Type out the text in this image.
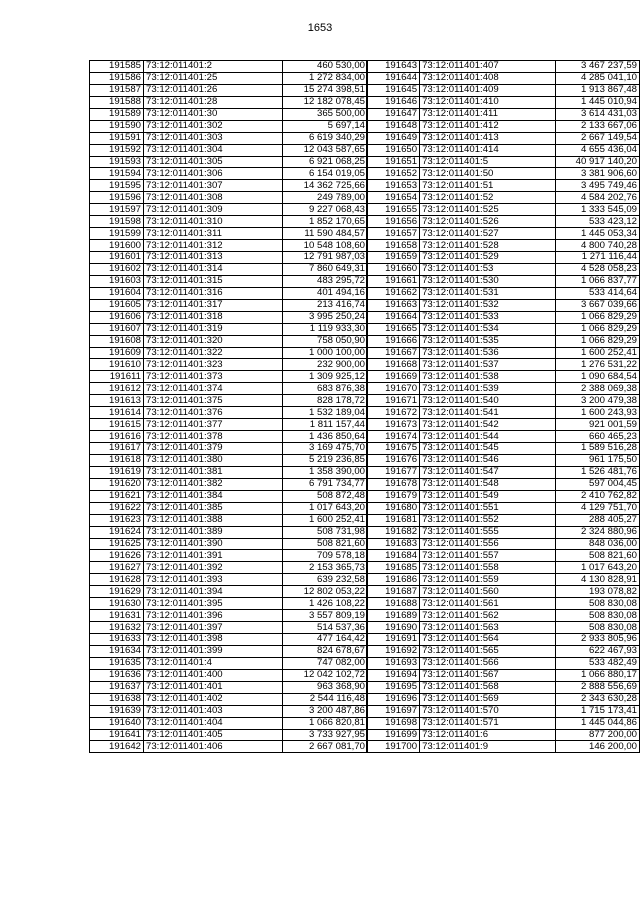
1653
191585	73:12:011401:2	460 530,00
191586	73:12:011401:25	1 272 834,00
191587	73:12:011401:26	15 274 398,51
191588	73:12:011401:28	12 182 078,45
191589	73:12:011401:30	365 500,00
191590	73:12:011401:302	5 697,14
191591	73:12:011401:303	6 619 340,29
191592	73:12:011401:304	12 043 587,65
191593	73:12:011401:305	6 921 068,25
191594	73:12:011401:306	6 154 019,05
191595	73:12:011401:307	14 362 725,66
191596	73:12:011401:308	249 789,00
191597	73:12:011401:309	9 227 068,43
191598	73:12:011401:310	1 852 170,65
191599	73:12:011401:311	11 590 484,57
191600	73:12:011401:312	10 548 108,60
191601	73:12:011401:313	12 791 987,03
191602	73:12:011401:314	7 860 649,31
191603	73:12:011401:315	483 295,72
191604	73:12:011401:316	401 494,16
191605	73:12:011401:317	213 416,74
191606	73:12:011401:318	3 995 250,24
191607	73:12:011401:319	1 119 933,30
191608	73:12:011401:320	758 050,90
191609	73:12:011401:322	1 000 100,00
191610	73:12:011401:323	232 900,00
191611	73:12:011401:373	1 309 925,12
191612	73:12:011401:374	683 876,38
191613	73:12:011401:375	828 178,72
191614	73:12:011401:376	1 532 189,04
191615	73:12:011401:377	1 811 157,44
191616	73:12:011401:378	1 436 850,64
191617	73:12:011401:379	3 169 475,70
191618	73:12:011401:380	5 219 236,85
191619	73:12:011401:381	1 358 390,00
191620	73:12:011401:382	6 791 734,77
191621	73:12:011401:384	508 872,48
191622	73:12:011401:385	1 017 643,20
191623	73:12:011401:388	1 600 252,41
191624	73:12:011401:389	508 731,98
191625	73:12:011401:390	508 821,60
191626	73:12:011401:391	709 578,18
191627	73:12:011401:392	2 153 365,73
191628	73:12:011401:393	639 232,58
191629	73:12:011401:394	12 802 053,22
191630	73:12:011401:395	1 426 108,22
191631	73:12:011401:396	3 557 809,19
191632	73:12:011401:397	514 537,36
191633	73:12:011401:398	477 164,42
191634	73:12:011401:399	824 678,67
191635	73:12:011401:4	747 082,00
191636	73:12:011401:400	12 042 102,72
191637	73:12:011401:401	963 368,90
191638	73:12:011401:402	2 544 116,48
191639	73:12:011401:403	3 200 487,86
191640	73:12:011401:404	1 066 820,81
191641	73:12:011401:405	3 733 927,95
191642	73:12:011401:406	2 667 081,70
191643	73:12:011401:407	3 467 237,59
191644	73:12:011401:408	4 285 041,10
191645	73:12:011401:409	1 913 867,48
191646	73:12:011401:410	1 445 010,94
191647	73:12:011401:411	3 614 431,03
191648	73:12:011401:412	2 133 667,06
191649	73:12:011401:413	2 667 149,54
191650	73:12:011401:414	4 655 436,04
191651	73:12:011401:5	40 917 140,20
191652	73:12:011401:50	3 381 906,60
191653	73:12:011401:51	3 495 749,46
191654	73:12:011401:52	4 584 202,76
191655	73:12:011401:525	1 333 545,09
191656	73:12:011401:526	533 423,12
191657	73:12:011401:527	1 445 053,34
191658	73:12:011401:528	4 800 740,28
191659	73:12:011401:529	1 271 116,44
191660	73:12:011401:53	4 528 058,23
191661	73:12:011401:530	1 066 837,77
191662	73:12:011401:531	533 414,64
191663	73:12:011401:532	3 667 039,66
191664	73:12:011401:533	1 066 829,29
191665	73:12:011401:534	1 066 829,29
191666	73:12:011401:535	1 066 829,29
191667	73:12:011401:536	1 600 252,41
191668	73:12:011401:537	1 276 531,22
191669	73:12:011401:538	1 090 684,54
191670	73:12:011401:539	2 388 069,38
191671	73:12:011401:540	3 200 479,38
191672	73:12:011401:541	1 600 243,93
191673	73:12:011401:542	921 001,59
191674	73:12:011401:544	660 465,23
191675	73:12:011401:545	1 589 516,28
191676	73:12:011401:546	961 175,50
191677	73:12:011401:547	1 526 481,76
191678	73:12:011401:548	597 004,45
191679	73:12:011401:549	2 410 762,82
191680	73:12:011401:551	4 129 751,70
191681	73:12:011401:552	288 405,27
191682	73:12:011401:555	2 324 880,96
191683	73:12:011401:556	848 036,00
191684	73:12:011401:557	508 821,60
191685	73:12:011401:558	1 017 643,20
191686	73:12:011401:559	4 130 828,91
191687	73:12:011401:560	193 078,82
191688	73:12:011401:561	508 830,08
191689	73:12:011401:562	508 830,08
191690	73:12:011401:563	508 830,08
191691	73:12:011401:564	2 933 805,96
191692	73:12:011401:565	622 467,93
191693	73:12:011401:566	533 482,49
191694	73:12:011401:567	1 066 880,17
191695	73:12:011401:568	2 888 556,69
191696	73:12:011401:569	2 343 630,28
191697	73:12:011401:570	1 715 173,41
191698	73:12:011401:571	1 445 044,86
191699	73:12:011401:6	877 200,00
191700	73:12:011401:9	146 200,00
